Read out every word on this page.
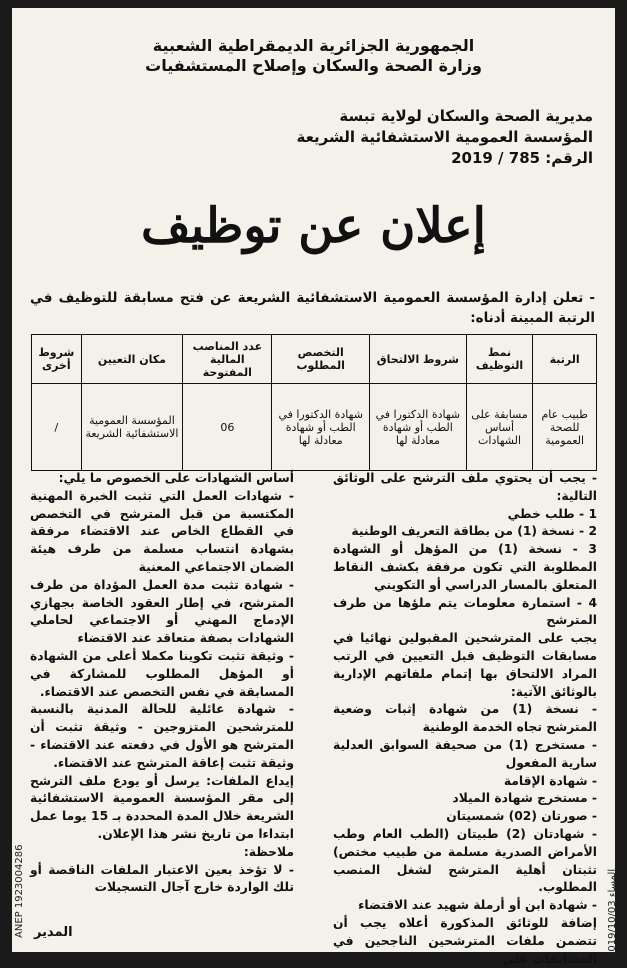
الجمهورية الجزائرية الديمقراطية الشعبية
وزارة الصحة والسكان وإصلاح المستشفيات
مديرية الصحة والسكان لولاية تبسة
المؤسسة العمومية الاستشفائية الشريعة
الرقم: 785 / 2019
إعلان عن توظيف
- تعلن إدارة المؤسسة العمومية الاستشفائية الشريعة عن فتح مسابقة للتوظيف في الرتبة المبينة أدناه:
الرتبة	نمط التوظيف	شروط الالتحاق	التخصص المطلوب	عدد المناصب المالية المفتوحة	مكان التعيين	شروط أخرى
طبيب عام للصحة العمومية	مسابقة على أساس الشهادات	شهادة الدكتورا في الطب أو شهادة معادلة لها	شهادة الدكتورا في الطب أو شهادة معادلة لها	06	المؤسسة العمومية الاستشفائية الشريعة	/
- يجب أن يحتوي ملف الترشح على الوثائق التالية:
1 - طلب خطي
2 - نسخة (1) من بطاقة التعريف الوطنية
3 - نسخة (1) من المؤهل أو الشهادة المطلوبة التي تكون مرفقة بكشف النقاط المتعلق بالمسار الدراسي أو التكويني
4 - استمارة معلومات يتم ملؤها من طرف المترشح
يجب على المترشحين المقبولين نهائيا في مسابقات التوظيف قبل التعيين في الرتب المراد الالتحاق بها إتمام ملفاتهم الإدارية بالوثائق الآتية:
- نسخة (1) من شهادة إثبات وضعية المترشح تجاه الخدمة الوطنية
- مستخرج (1) من صحيفة السوابق العدلية سارية المفعول
- شهادة الإقامة
- مستخرج شهادة الميلاد
- صورتان (02) شمسيتان
- شهادتان (2) طبيتان (الطب العام وطب الأمراض الصدرية مسلمة من طبيب مختص) تثبتان أهلية المترشح لشغل المنصب المطلوب.
- شهادة ابن أو أرملة شهيد عند الاقتضاء
إضافة للوثائق المذكورة أعلاه يجب أن تتضمن ملفات المترشحين الناجحين في المسابقات على
أساس الشهادات على الخصوص ما يلي:
- شهادات العمل التي تثبت الخبرة المهنية المكتسبة من قبل المترشح في التخصص في القطاع الخاص عند الاقتضاء مرفقة بشهادة انتساب مسلمة من طرف هيئة الضمان الاجتماعي المعنية
- شهادة تثبت مدة العمل المؤداة من طرف المترشح، في إطار العقود الخاصة بجهازي الإدماج المهني أو الاجتماعي لحاملي الشهادات بصفة متعاقد عند الاقتضاء
- وثيقة تثبت تكوينا مكملا أعلى من الشهادة أو المؤهل المطلوب للمشاركة في المسابقة في نفس التخصص عند الاقتضاء.
- شهادة عائلية للحالة المدنية بالنسبة للمترشحين المتزوجين - وثيقة تثبت أن المترشح هو الأول في دفعته عند الاقتضاء - وثيقة تثبت إعاقة المترشح عند الاقتضاء.
إيداع الملفات: يرسل أو يودع ملف الترشح إلى مقر المؤسسة العمومية الاستشفائية الشريعة خلال المدة المحددة بـ 15 يوما عمل ابتداءا من تاريخ نشر هذا الإعلان.
ملاحظة:
- لا تؤخذ بعين الاعتبار الملفات الناقصة أو تلك الواردة خارج آجال التسجيلات
المدير
ANEP 1923004286	المساء 2019/10/03
